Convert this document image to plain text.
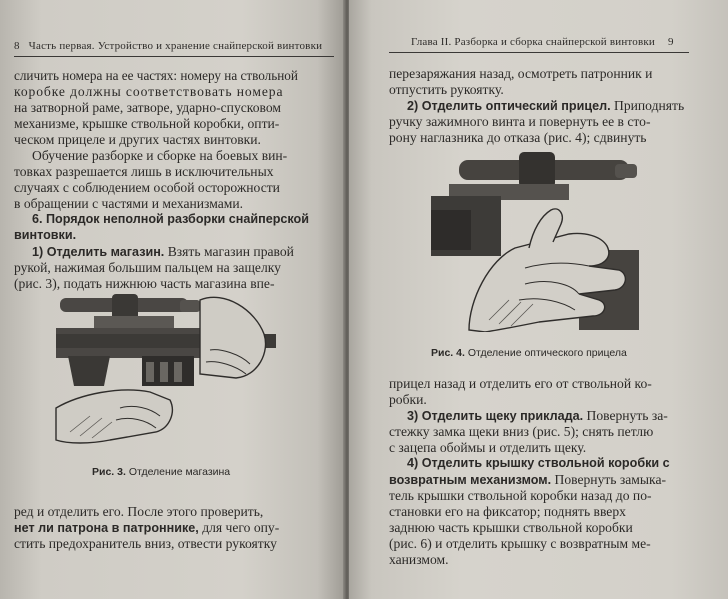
8 Часть первая. Устройство и хранение снайперской винтовки
сличить номера на ее частях: номеру на ствольной
коробке должны соответствовать номера
на затворной раме, затворе, ударно-спусковом
механизме, крышке ствольной коробки, опти-
ческом прицеле и других частях винтовки.
Обучение разборке и сборке на боевых вин-
товках разрешается лишь в исключительных
случаях с соблюдением особой осторожности
в обращении с частями и механизмами.
6. Порядок неполной разборки снайперской
винтовки.
1) Отделить магазин. Взять магазин правой
рукой, нажимая большим пальцем на защелку
(рис. 3), подать нижнюю часть магазина впе-
Рис. 3. Отделение магазина
ред и отделить его. После этого проверить,
нет ли патрона в патроннике, для чего опу-
стить предохранитель вниз, отвести рукоятку
Глава II. Разборка и сборка снайперской винтовки 9
перезаряжания назад, осмотреть патронник и
отпустить рукоятку.
2) Отделить оптический прицел. Приподнять
ручку зажимного винта и повернуть ее в сто-
рону наглазника до отказа (рис. 4); сдвинуть
Рис. 4. Отделение оптического прицела
прицел назад и отделить его от ствольной ко-
робки.
3) Отделить щеку приклада. Повернуть за-
стежку замка щеки вниз (рис. 5); снять петлю
с зацепа обоймы и отделить щеку.
4) Отделить крышку ствольной коробки с
возвратным механизмом. Повернуть замыка-
тель крышки ствольной коробки назад до по-
становки его на фиксатор; поднять вверх
заднюю часть крышки ствольной коробки
(рис. 6) и отделить крышку с возвратным ме-
ханизмом.
